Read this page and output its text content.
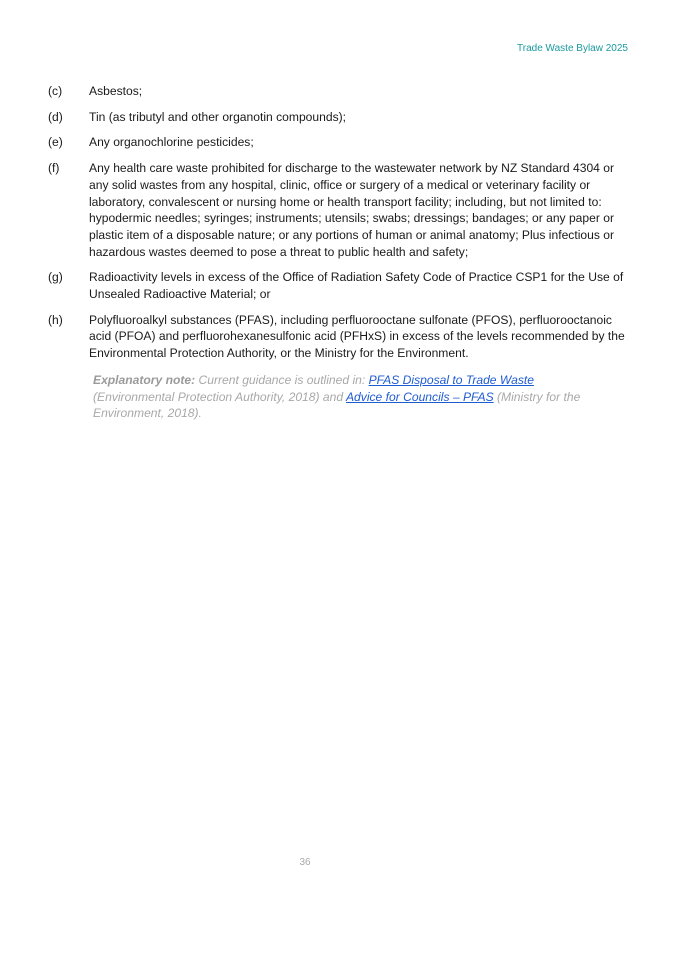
Trade Waste Bylaw 2025
(c)	Asbestos;
(d)	Tin (as tributyl and other organotin compounds);
(e)	Any organochlorine pesticides;
(f)	Any health care waste prohibited for discharge to the wastewater network by NZ Standard 4304 or any solid wastes from any hospital, clinic, office or surgery of a medical or veterinary facility or laboratory, convalescent or nursing home or health transport facility; including, but not limited to: hypodermic needles; syringes; instruments; utensils; swabs; dressings; bandages; or any paper or plastic item of a disposable nature; or any portions of human or animal anatomy; Plus infectious or hazardous wastes deemed to pose a threat to public health and safety;
(g)	Radioactivity levels in excess of the Office of Radiation Safety Code of Practice CSP1 for the Use of Unsealed Radioactive Material; or
(h)	Polyfluoroalkyl substances (PFAS), including perfluorooctane sulfonate (PFOS), perfluorooctanoic acid (PFOA) and perfluorohexanesulfonic acid (PFHxS) in excess of the levels recommended by the Environmental Protection Authority, or the Ministry for the Environment.
Explanatory note: Current guidance is outlined in: PFAS Disposal to Trade Waste (Environmental Protection Authority, 2018) and Advice for Councils – PFAS (Ministry for the Environment, 2018).
36
